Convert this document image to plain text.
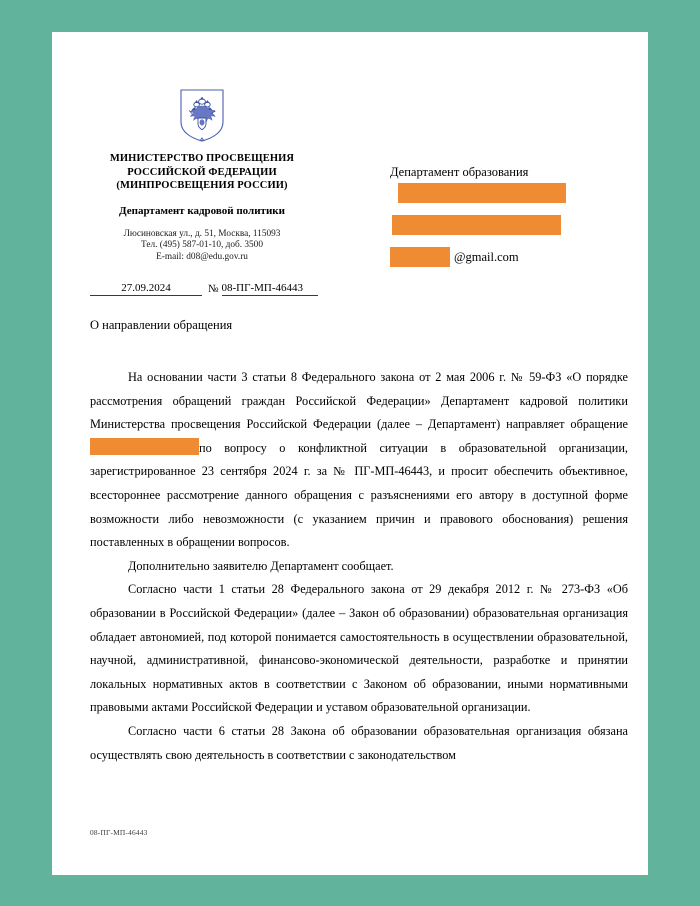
МИНИСТЕРСТВО ПРОСВЕЩЕНИЯ
РОССИЙСКОЙ ФЕДЕРАЦИИ
(МИНПРОСВЕЩЕНИЯ РОССИИ)
Департамент кадровой политики
Люсиновская ул., д. 51, Москва, 115093
Тел. (495) 587-01-10, доб. 3500
E-mail: d08@edu.gov.ru
27.09.2024	№ 08-ПГ-МП-46443
Департамент образования
@gmail.com
О направлении обращения

На основании части 3 статьи 8 Федерального закона от 2 мая 2006 г. № 59-ФЗ «О порядке рассмотрения обращений граждан Российской Федерации» Департамент кадровой политики Министерства просвещения Российской Федерации (далее – Департамент) направляет обращение по вопросу о конфликтной ситуации в образовательной организации, зарегистрированное 23 сентября 2024 г. за № ПГ-МП-46443, и просит обеспечить объективное, всестороннее рассмотрение данного обращения с разъяснениями его автору в доступной форме возможности либо невозможности (с указанием причин и правового обоснования) решения поставленных в обращении вопросов.

Дополнительно заявителю Департамент сообщает.

Согласно части 1 статьи 28 Федерального закона от 29 декабря 2012 г. № 273-ФЗ «Об образовании в Российской Федерации» (далее – Закон об образовании) образовательная организация обладает автономией, под которой понимается самостоятельность в осуществлении образовательной, научной, административной, финансово-экономической деятельности, разработке и принятии локальных нормативных актов в соответствии с Законом об образовании, иными нормативными правовыми актами Российской Федерации и уставом образовательной организации.

Согласно части 6 статьи 28 Закона об образовании образовательная организация обязана осуществлять свою деятельность в соответствии с законодательством

08-ПГ-МП-46443
